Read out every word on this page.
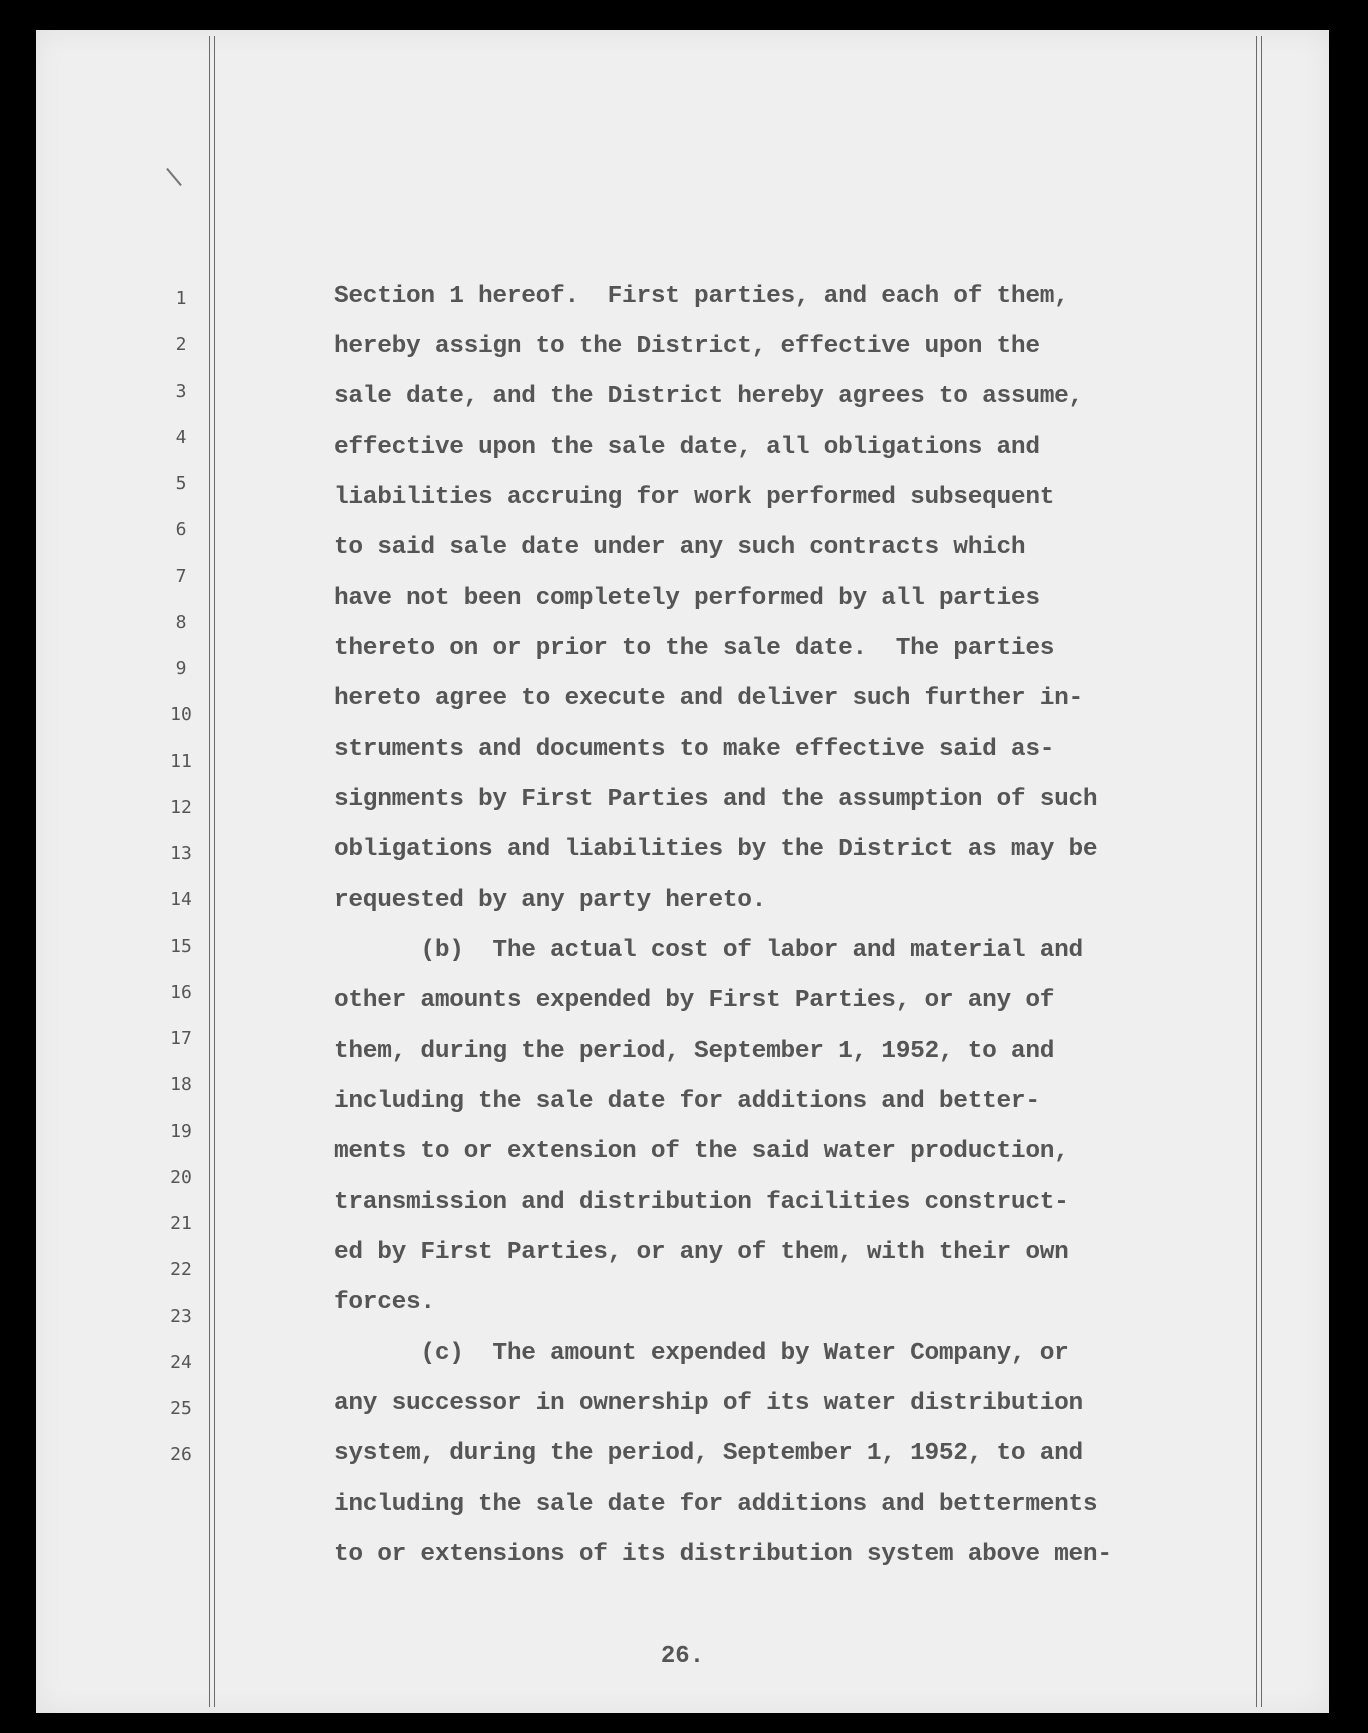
1
2
3
4
5
6
7
8
9
10
11
12
13
14
15
16
17
18
19
20
21
22
23
24
25
26
Section 1 hereof.  First parties, and each of them,
hereby assign to the District, effective upon the
sale date, and the District hereby agrees to assume,
effective upon the sale date, all obligations and
liabilities accruing for work performed subsequent
to said sale date under any such contracts which
have not been completely performed by all parties
thereto on or prior to the sale date.  The parties
hereto agree to execute and deliver such further in-
struments and documents to make effective said as-
signments by First Parties and the assumption of such
obligations and liabilities by the District as may be
requested by any party hereto.
(b)  The actual cost of labor and material and
other amounts expended by First Parties, or any of
them, during the period, September 1, 1952, to and
including the sale date for additions and better-
ments to or extension of the said water production,
transmission and distribution facilities construct-
ed by First Parties, or any of them, with their own
forces.
(c)  The amount expended by Water Company, or
any successor in ownership of its water distribution
system, during the period, September 1, 1952, to and
including the sale date for additions and betterments
to or extensions of its distribution system above men-
26.
